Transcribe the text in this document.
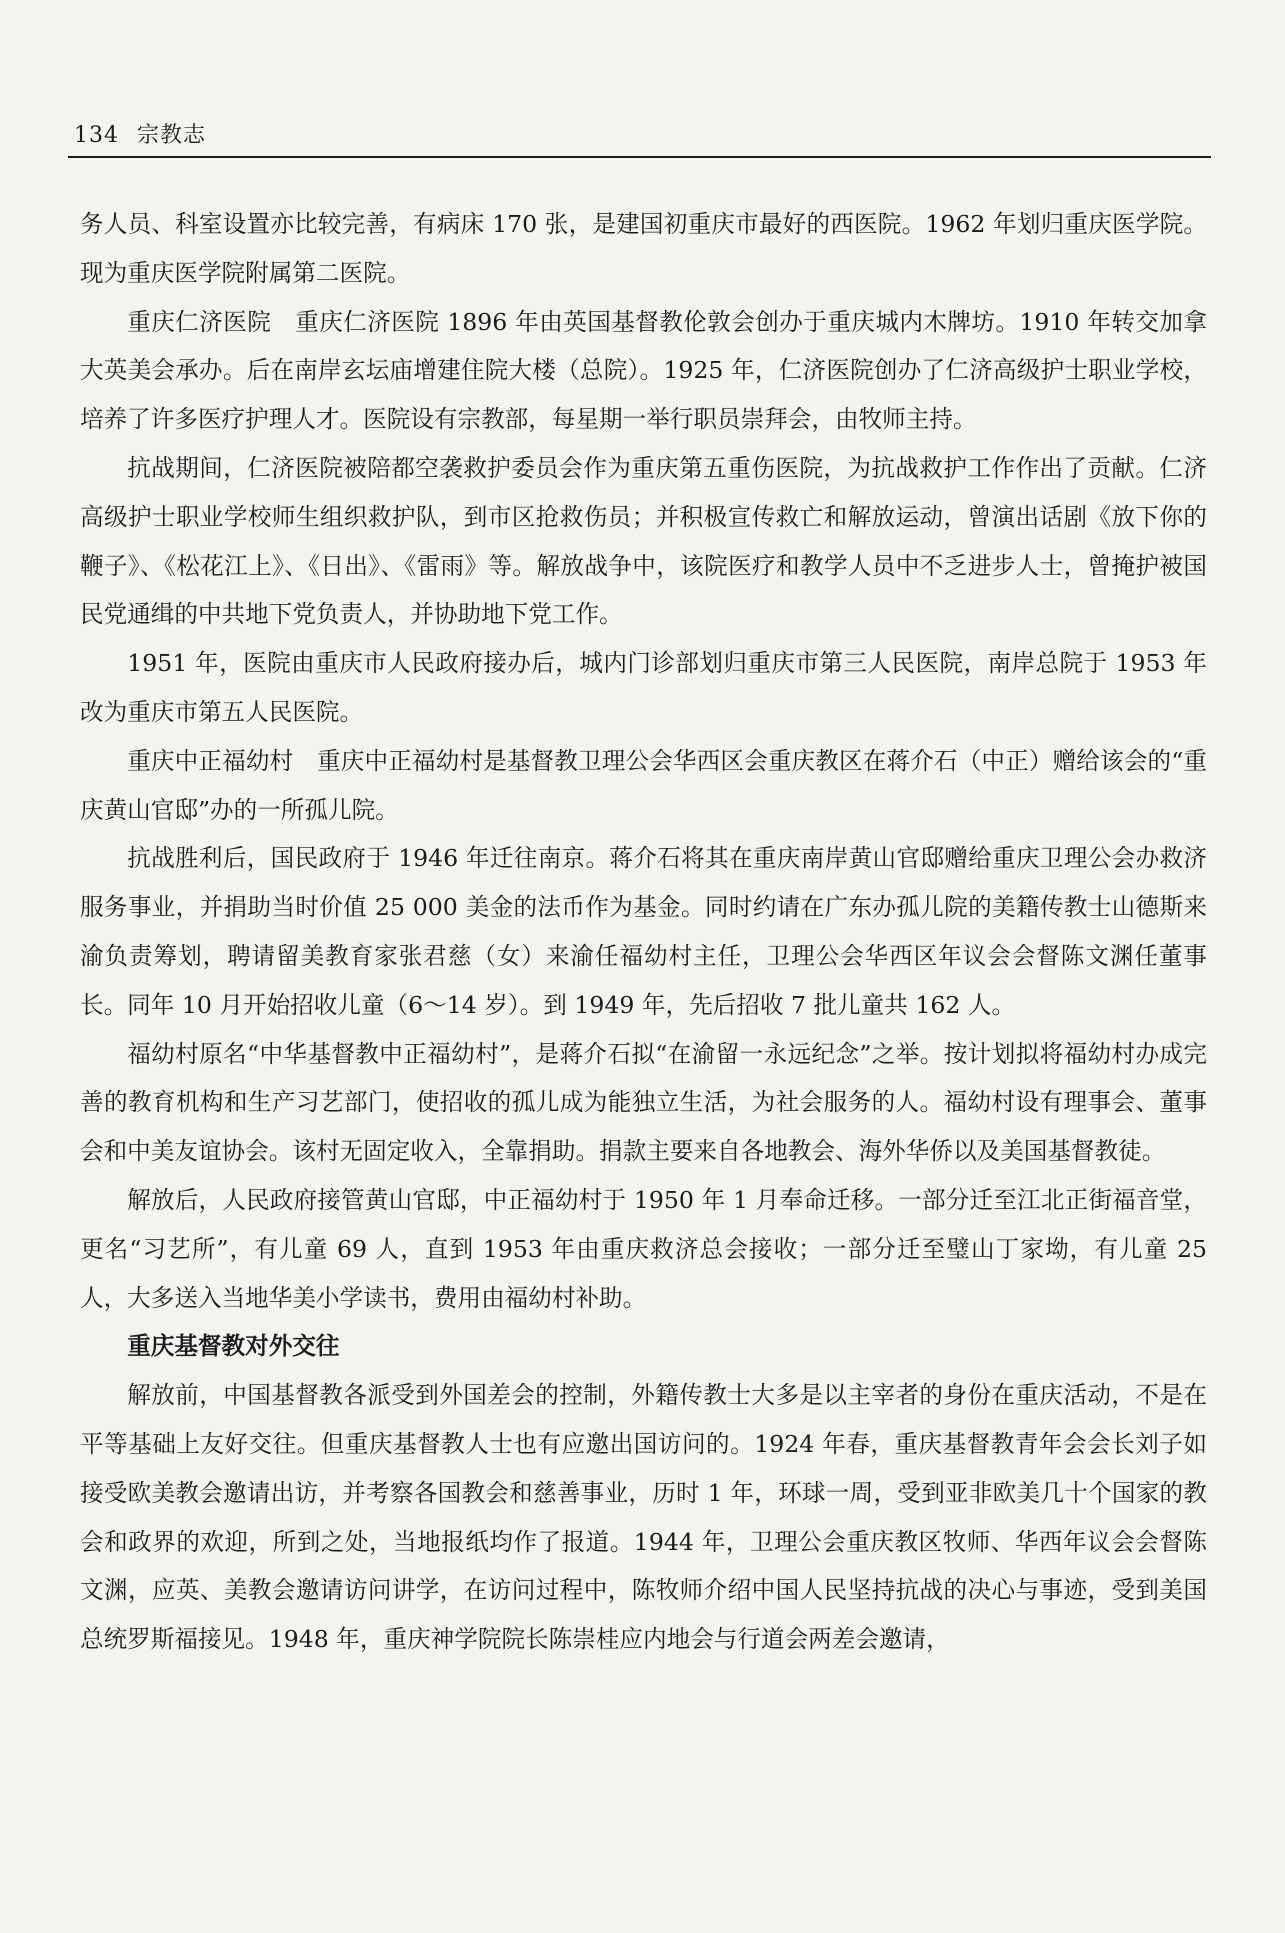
134 宗教志

务人员、科室设置亦比较完善，有病床 170 张，是建国初重庆市最好的西医院。1962 年划归重庆医学院。现为重庆医学院附属第二医院。

重庆仁济医院　重庆仁济医院 1896 年由英国基督教伦敦会创办于重庆城内木牌坊。1910 年转交加拿大英美会承办。后在南岸玄坛庙增建住院大楼（总院）。1925 年，仁济医院创办了仁济高级护士职业学校，培养了许多医疗护理人才。医院设有宗教部，每星期一举行职员崇拜会，由牧师主持。

抗战期间，仁济医院被陪都空袭救护委员会作为重庆第五重伤医院，为抗战救护工作作出了贡献。仁济高级护士职业学校师生组织救护队，到市区抢救伤员；并积极宣传救亡和解放运动，曾演出话剧《放下你的鞭子》、《松花江上》、《日出》、《雷雨》等。解放战争中，该院医疗和教学人员中不乏进步人士，曾掩护被国民党通缉的中共地下党负责人，并协助地下党工作。

1951 年，医院由重庆市人民政府接办后，城内门诊部划归重庆市第三人民医院，南岸总院于 1953 年改为重庆市第五人民医院。

重庆中正福幼村　重庆中正福幼村是基督教卫理公会华西区会重庆教区在蒋介石（中正）赠给该会的“重庆黄山官邸”办的一所孤儿院。

抗战胜利后，国民政府于 1946 年迁往南京。蒋介石将其在重庆南岸黄山官邸赠给重庆卫理公会办救济服务事业，并捐助当时价值 25 000 美金的法币作为基金。同时约请在广东办孤儿院的美籍传教士山德斯来渝负责筹划，聘请留美教育家张君慈（女）来渝任福幼村主任，卫理公会华西区年议会会督陈文渊任董事长。同年 10 月开始招收儿童（6～14 岁）。到 1949 年，先后招收 7 批儿童共 162 人。

福幼村原名“中华基督教中正福幼村”，是蒋介石拟“在渝留一永远纪念”之举。按计划拟将福幼村办成完善的教育机构和生产习艺部门，使招收的孤儿成为能独立生活，为社会服务的人。福幼村设有理事会、董事会和中美友谊协会。该村无固定收入，全靠捐助。捐款主要来自各地教会、海外华侨以及美国基督教徒。

解放后，人民政府接管黄山官邸，中正福幼村于 1950 年 1 月奉命迁移。一部分迁至江北正街福音堂，更名“习艺所”，有儿童 69 人，直到 1953 年由重庆救济总会接收；一部分迁至璧山丁家坳，有儿童 25 人，大多送入当地华美小学读书，费用由福幼村补助。

重庆基督教对外交往

解放前，中国基督教各派受到外国差会的控制，外籍传教士大多是以主宰者的身份在重庆活动，不是在平等基础上友好交往。但重庆基督教人士也有应邀出国访问的。1924 年春，重庆基督教青年会会长刘子如接受欧美教会邀请出访，并考察各国教会和慈善事业，历时 1 年，环球一周，受到亚非欧美几十个国家的教会和政界的欢迎，所到之处，当地报纸均作了报道。1944 年，卫理公会重庆教区牧师、华西年议会会督陈文渊，应英、美教会邀请访问讲学，在访问过程中，陈牧师介绍中国人民坚持抗战的决心与事迹，受到美国总统罗斯福接见。1948 年，重庆神学院院长陈崇桂应内地会与行道会两差会邀请，
